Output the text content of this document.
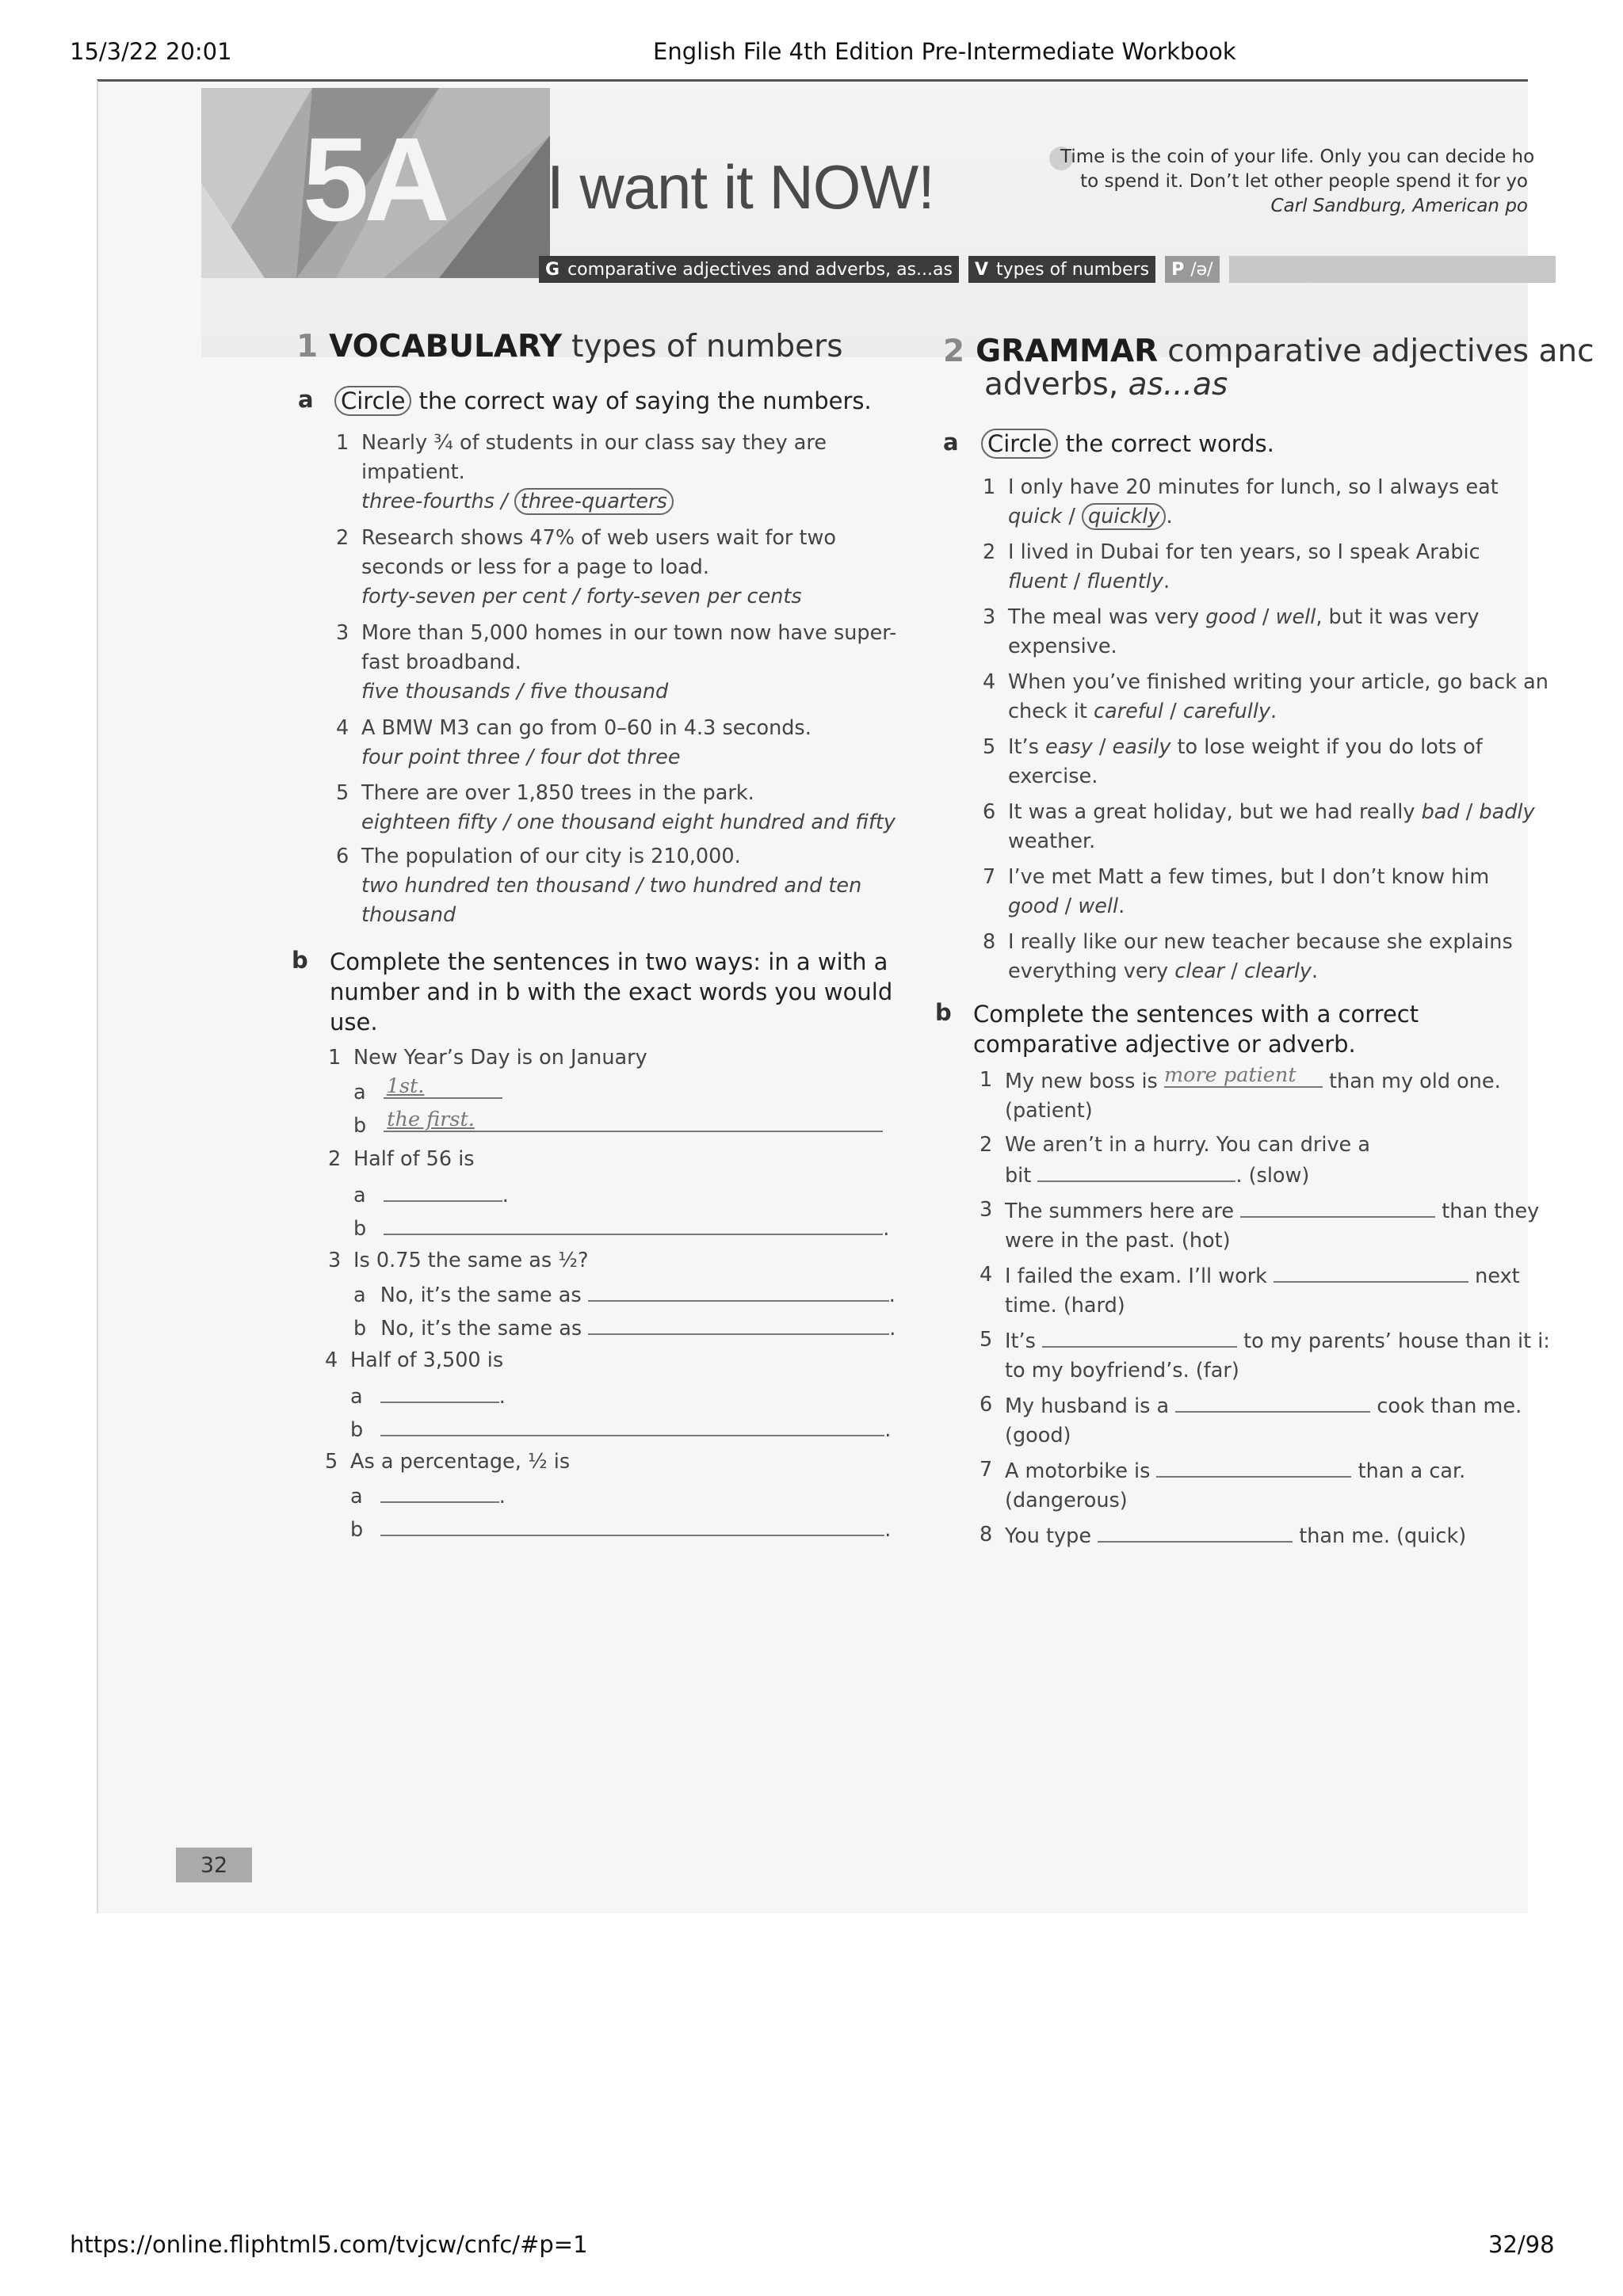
15/3/22 20:01	English File 4th Edition Pre-Intermediate Workbook
5A I want it NOW!	Time is the coin of your life. Only you can decide ho
to spend it. Don’t let other people spend it for yo
Carl Sandburg, American po
G comparative adjectives and adverbs, as...as V types of numbers P /ə/
1 VOCABULARY types of numbers
a Circle the correct way of saying the numbers.
1 Nearly ¾ of students in our class say they are
impatient.
three-fourths / three-quarters
2 Research shows 47% of web users wait for two
seconds or less for a page to load.
forty-seven per cent / forty-seven per cents
3 More than 5,000 homes in our town now have super-
fast broadband.
five thousands / five thousand
4 A BMW M3 can go from 0–60 in 4.3 seconds.
four point three / four dot three
5 There are over 1,850 trees in the park.
eighteen fifty / one thousand eight hundred and fifty
6 The population of our city is 210,000.
two hundred ten thousand / two hundred and ten
thousand
b Complete the sentences in two ways: in a with a
number and in b with the exact words you would
use.
1 New Year’s Day is on January
a 1st.
b the first.
2 Half of 56 is
a	.
b	.
3 Is 0.75 the same as ½?
a No, it’s the same as	.
b No, it’s the same as	.
4 Half of 3,500 is
a	.
b	.
5 As a percentage, ½ is
a	.
b	.
2 GRAMMAR comparative adjectives anc
adverbs, as...as
a Circle the correct words.
1 I only have 20 minutes for lunch, so I always eat
quick / quickly .
2 I lived in Dubai for ten years, so I speak Arabic
fluent / fluently.
3 The meal was very good / well, but it was very
expensive.
4 When you’ve finished writing your article, go back an
check it careful / carefully.
5 It’s easy / easily to lose weight if you do lots of
exercise.
6 It was a great holiday, but we had really bad / badly
weather.
7 I’ve met Matt a few times, but I don’t know him
good / well.
8 I really like our new teacher because she explains
everything very clear / clearly.
b Complete the sentences with a correct
comparative adjective or adverb.
1 My new boss is more patient than my old one.
(patient)
2 We aren’t in a hurry. You can drive a
bit	. (slow)
3 The summers here are	than they
were in the past. (hot)
4 I failed the exam. I’ll work	next
time. (hard)
5 It’s	to my parents’ house than it i:
to my boyfriend’s. (far)
6 My husband is a	cook than me.
(good)
7 A motorbike is	than a car.
(dangerous)
8 You type	than me. (quick)
32
https://online.fliphtml5.com/tvjcw/cnfc/#p=1	32/98
